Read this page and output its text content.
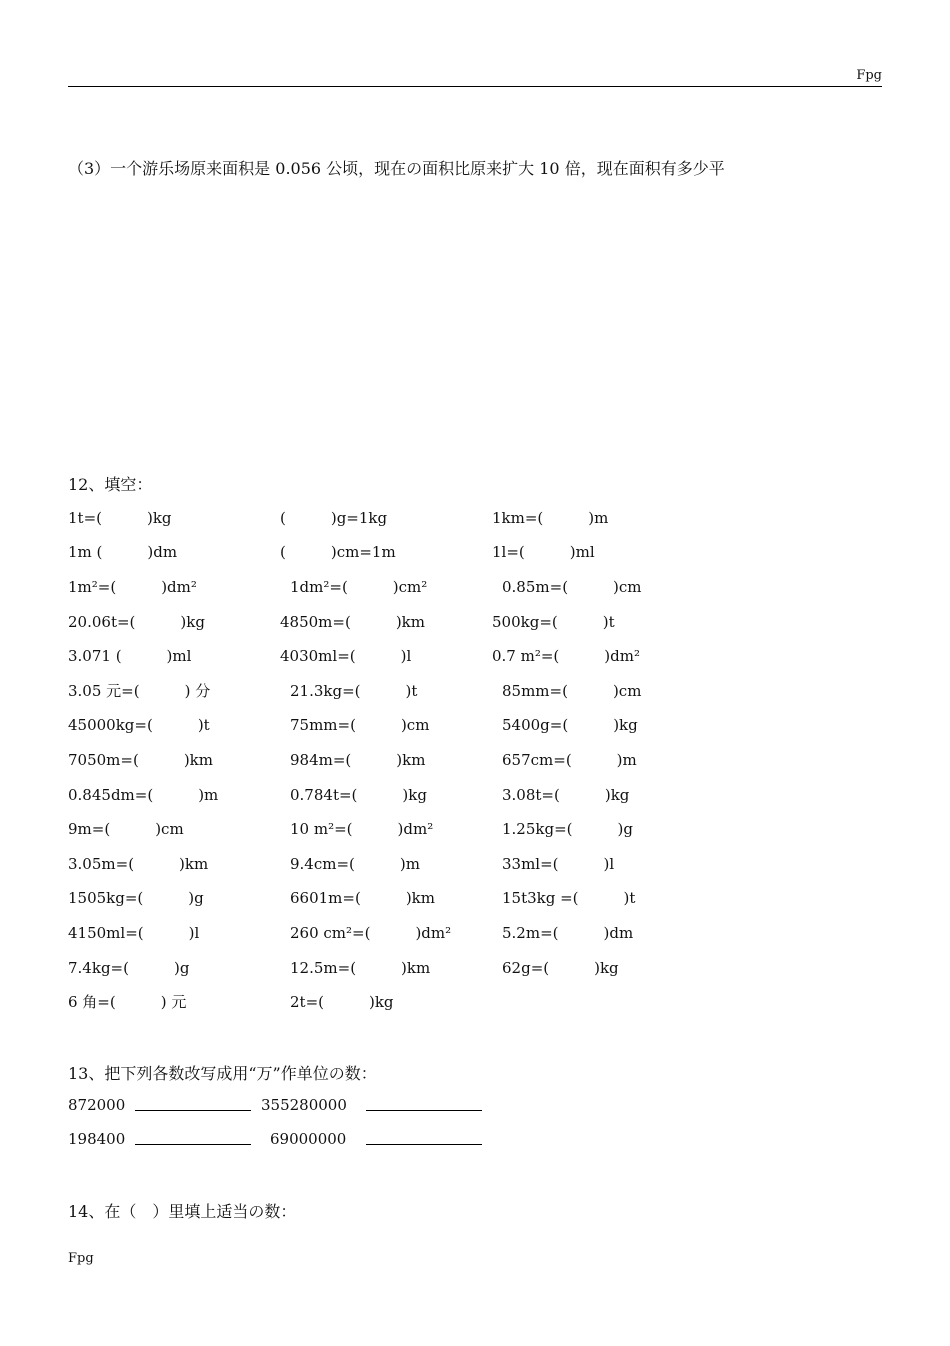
Fpg
（3）一个游乐场原来面积是 0.056 公顷，现在の面积比原来扩大 10 倍，现在面积有多少平
12、填空：
1t=(　　　)kg	(　　　)g=1kg	1km=(　　　)m
1m (　　　)dm	(　　　)cm=1m	1l=(　　　)ml
1m²=(　　　)dm²	1dm²=(　　　)cm²	0.85m=(　　　)cm
20.06t=(　　　)kg	4850m=(　　　)km	500kg=(　　　)t
3.071 (　　　)ml	4030ml=(　　　)l	0.7 m²=(　　　)dm²
3.05 元=(　　　) 分	21.3kg=(　　　)t	85mm=(　　　)cm
45000kg=(　　　)t	75mm=(　　　)cm	5400g=(　　　)kg
7050m=(　　　)km	984m=(　　　)km	657cm=(　　　)m
0.845dm=(　　　)m	0.784t=(　　　)kg	3.08t=(　　　)kg
9m=(　　　)cm	10 m²=(　　　)dm²	1.25kg=(　　　)g
3.05m=(　　　)km	9.4cm=(　　　)m	33ml=(　　　)l
1505kg=(　　　)g	6601m=(　　　)km	15t3kg =(　　　)t
4150ml=(　　　)l	260 cm²=(　　　)dm²	5.2m=(　　　)dm
7.4kg=(　　　)g	12.5m=(　　　)km	62g=(　　　)kg
6 角=(　　　) 元	2t=(　　　)kg
13、把下列各数改写成用“万”作单位の数：
872000	355280000
198400	69000000
14、在（　）里填上适当の数：
Fpg
